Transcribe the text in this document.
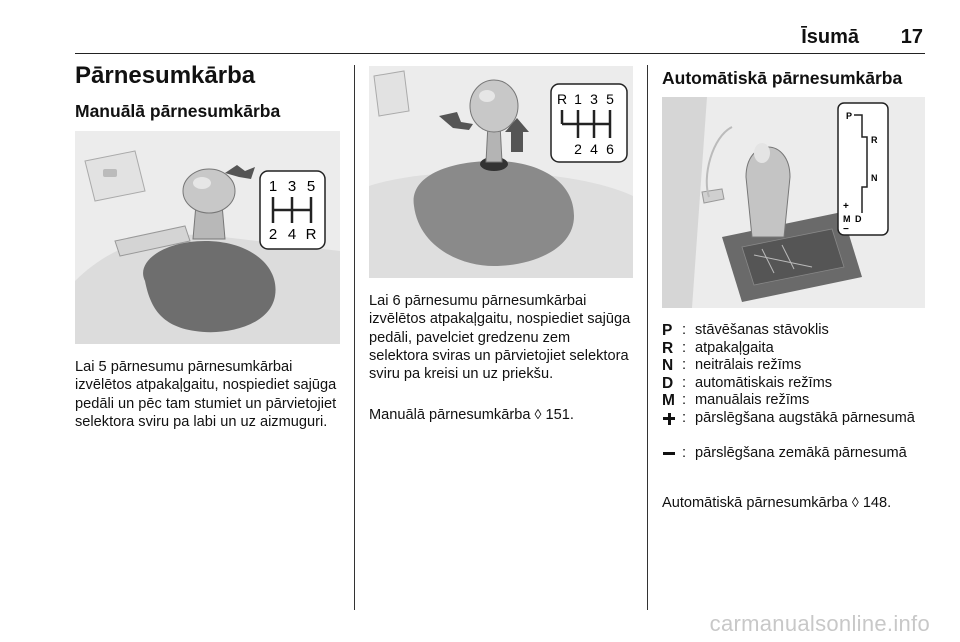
Īsumā 17
Pārnesumkārba
Manuālā pārnesumkārba
1 3 5
2 4 R

Lai 5 pārnesumu pārnesumkārbai izvēlētos atpakaļgaitu, nospiediet sajūga pedāli un pēc tam stumiet un pārvietojiet selektora sviru pa labi un uz aizmuguri.

R 1 3 5
2 4 6

Lai 6 pārnesumu pārnesumkārbai izvēlētos atpakaļgaitu, nospiediet sajūga pedāli, pavelciet gredzenu zem selektora sviras un pārvietojiet selektora sviru pa kreisi un uz priekšu.

Manuālā pārnesumkārba ◊ 151.

Automātiskā pārnesumkārba
P
R
N
+
M D
−
P : stāvēšanas stāvoklis
R : atpakaļgaita
N : neitrālais režīms
D : automātiskais režīms
M : manuālais režīms
: pārslēgšana augstākā pārnesumā
: pārslēgšana zemākā pārnesumā

Automātiskā pārnesumkārba ◊ 148.

carmanualsonline.info
